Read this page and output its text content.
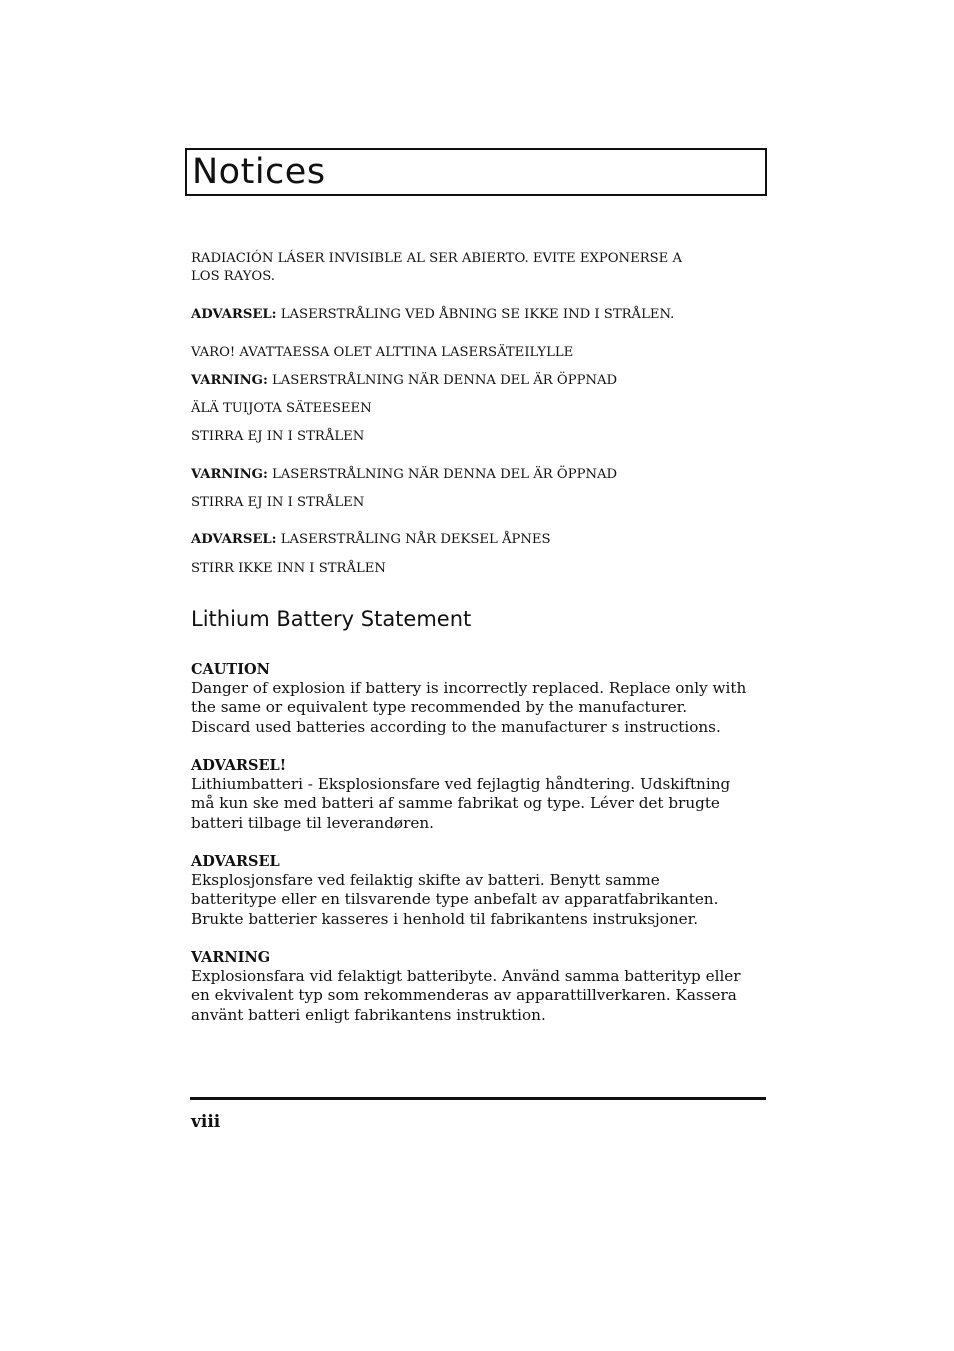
Notices
RADIACIÓN LÁSER INVISIBLE AL SER ABIERTO. EVITE EXPONERSE A
LOS RAYOS.
ADVARSEL: LASERSTRÅLING VED ÅBNING SE IKKE IND I STRÅLEN.
VARO! AVATTAESSA OLET ALTTINA LASERSÄTEILYLLE
VARNING: LASERSTRÅLNING NÄR DENNA DEL ÄR ÖPPNAD
ÄLÄ TUIJOTA SÄTEESEEN
STIRRA EJ IN I STRÅLEN
VARNING: LASERSTRÅLNING NÄR DENNA DEL ÄR ÖPPNAD
STIRRA EJ IN I STRÅLEN
ADVARSEL: LASERSTRÅLING NÅR DEKSEL ÅPNES
STIRR IKKE INN I STRÅLEN
Lithium Battery Statement
CAUTION
Danger of explosion if battery is incorrectly replaced. Replace only with
the same or equivalent type recommended by the manufacturer.
Discard used batteries according to the manufacturer s instructions.
ADVARSEL!
Lithiumbatteri - Eksplosionsfare ved fejlagtig håndtering. Udskiftning
må kun ske med batteri af samme fabrikat og type. Léver det brugte
batteri tilbage til leverandøren.
ADVARSEL
Eksplosjonsfare ved feilaktig skifte av batteri. Benytt samme
batteritype eller en tilsvarende type anbefalt av apparatfabrikanten.
Brukte batterier kasseres i henhold til fabrikantens instruksjoner.
VARNING
Explosionsfara vid felaktigt batteribyte. Använd samma batterityp eller
en ekvivalent typ som rekommenderas av apparattillverkaren. Kassera
använt batteri enligt fabrikantens instruktion.
viii
